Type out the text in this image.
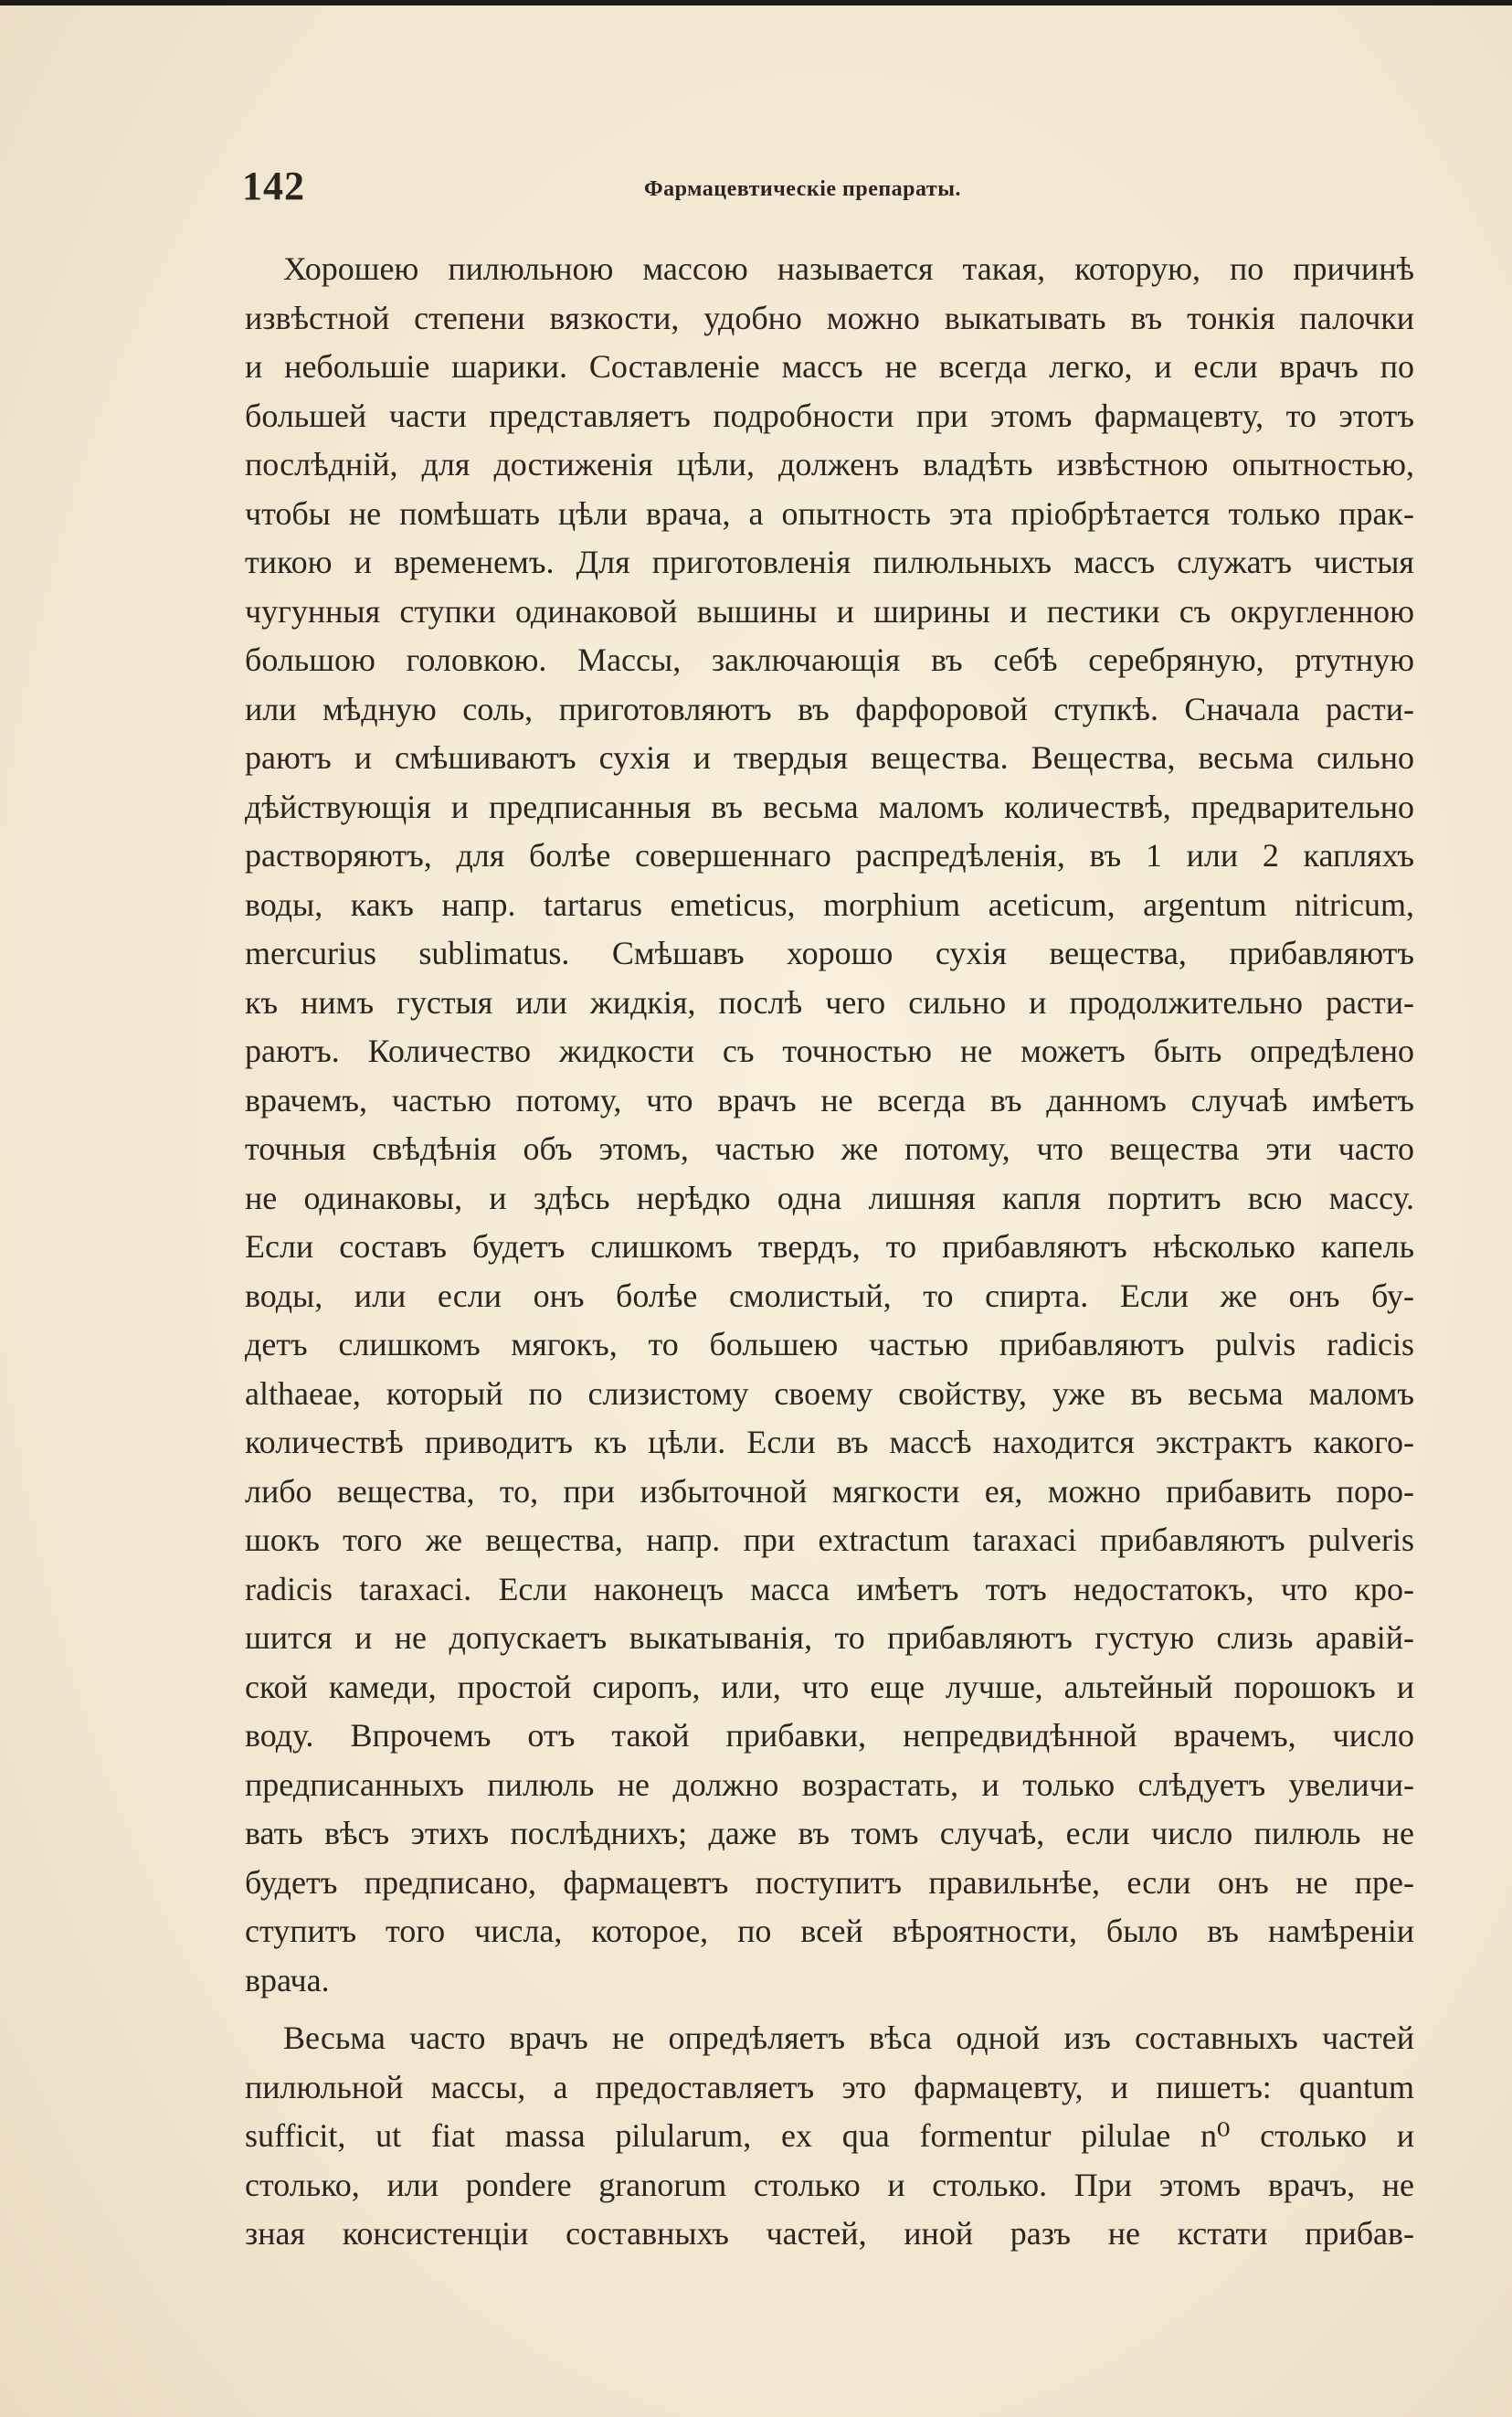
142	Фармацевтическiе препараты.

Хорошею пилюльною массою называется такая, которую, по причинѣ
извѣстной степени вязкости, удобно можно выкатывать въ тонкiя палочки
и небольшiе шарики. Составленiе массъ не всегда легко, и если врачъ по
большей части представляетъ подробности при этомъ фармацевту, то этотъ
послѣднiй, для достиженiя цѣли, долженъ владѣть извѣстною опытностью,
чтобы не помѣшать цѣли врача, а опытность эта прiобрѣтается только прак-
тикою и временемъ. Для приготовленiя пилюльныхъ массъ служатъ чистыя
чугунныя ступки одинаковой вышины и ширины и пестики съ округленною
большою головкою. Массы, заключающiя въ себѣ серебряную, ртутную
или мѣдную соль, приготовляютъ въ фарфоровой ступкѣ. Сначала расти-
раютъ и смѣшиваютъ сухiя и твердыя вещества. Вещества, весьма сильно
дѣйствующiя и предписанныя въ весьма маломъ количествѣ, предварительно
растворяютъ, для болѣе совершеннаго распредѣленiя, въ 1 или 2 капляхъ
воды, какъ напр. tartarus emeticus, morphium aceticum, argentum nitricum,
mercurius sublimatus. Смѣшавъ хорошо сухiя вещества, прибавляютъ
къ нимъ густыя или жидкiя, послѣ чего сильно и продолжительно расти-
раютъ. Количество жидкости съ точностью не можетъ быть опредѣлено
врачемъ, частью потому, что врачъ не всегда въ данномъ случаѣ имѣетъ
точныя свѣдѣнiя объ этомъ, частью же потому, что вещества эти часто
не одинаковы, и здѣсь нерѣдко одна лишняя капля портитъ всю массу.
Если составъ будетъ слишкомъ твердъ, то прибавляютъ нѣсколько капель
воды, или если онъ болѣе смолистый, то спирта. Если же онъ бу-
детъ слишкомъ мягокъ, то большею частью прибавляютъ pulvis radicis
althaeae, который по слизистому своему свойству, уже въ весьма маломъ
количествѣ приводитъ къ цѣли. Если въ массѣ находится экстрактъ какого-
либо вещества, то, при избыточной мягкости ея, можно прибавить поро-
шокъ того же вещества, напр. при extractum taraxaci прибавляютъ pulveris
radicis taraxaci. Если наконецъ масса имѣетъ тотъ недостатокъ, что кро-
шится и не допускаетъ выкатыванiя, то прибавляютъ густую слизь аравiй-
ской камеди, простой сиропъ, или, что еще лучше, альтейный порошокъ и
воду. Впрочемъ отъ такой прибавки, непредвидѣнной врачемъ, число
предписанныхъ пилюль не должно возрастать, и только слѣдуетъ увеличи-
вать вѣсъ этихъ послѣднихъ; даже въ томъ случаѣ, если число пилюль не
будетъ предписано, фармацевтъ поступитъ правильнѣе, если онъ не пре-
ступитъ того числа, которое, по всей вѣроятности, было въ намѣренiи
врача.

Весьма часто врачъ не опредѣляетъ вѣса одной изъ составныхъ частей
пилюльной массы, а предоставляетъ это фармацевту, и пишетъ: quantum
sufficit, ut fiat massa pilularum, ex qua formentur pilulae n⁰ столько и
столько, или pondere granorum столько и столько. При этомъ врачъ, не
зная консистенцiи составныхъ частей, иной разъ не кстати прибав-
